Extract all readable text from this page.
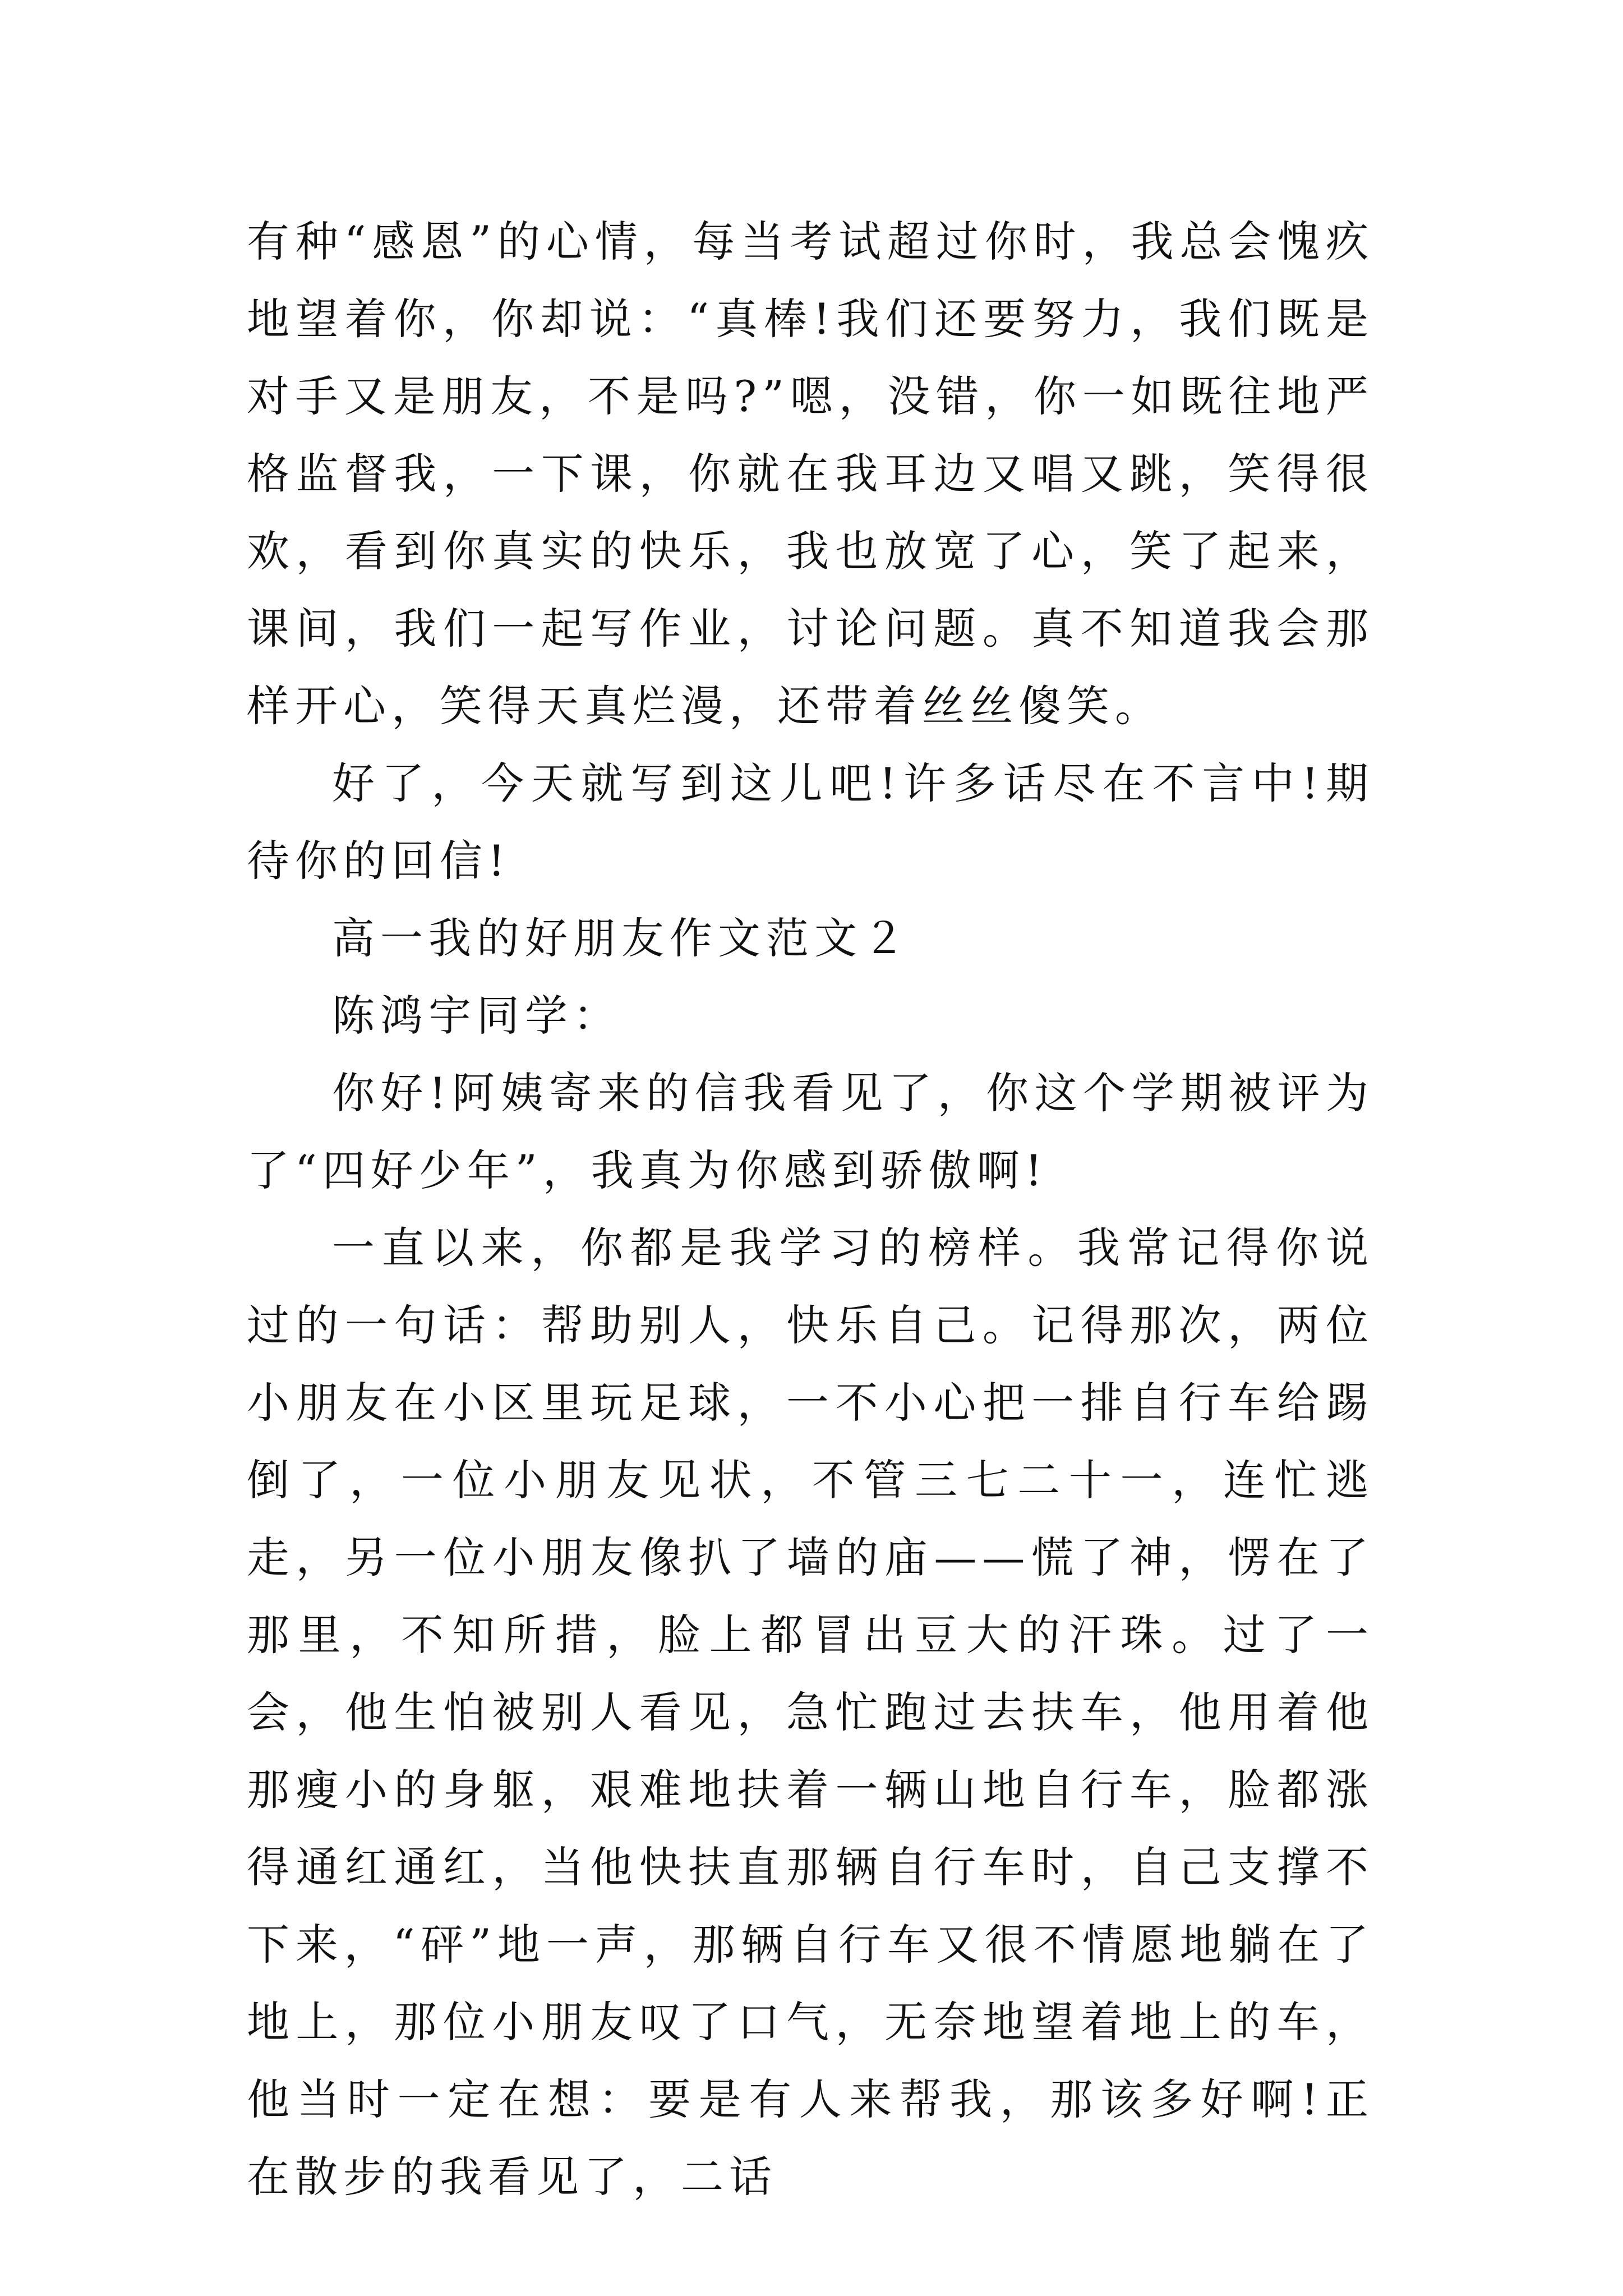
有种“感恩”的心情，每当考试超过你时，我总会愧疚地望着你，你却说：“真棒!我们还要努力，我们既是对手又是朋友，不是吗?”嗯，没错，你一如既往地严格监督我，一下课，你就在我耳边又唱又跳，笑得很欢，看到你真实的快乐，我也放宽了心，笑了起来，课间，我们一起写作业，讨论问题。真不知道我会那样开心，笑得天真烂漫，还带着丝丝傻笑。

好了，今天就写到这儿吧!许多话尽在不言中!期待你的回信!

高一我的好朋友作文范文２

陈鸿宇同学：

你好!阿姨寄来的信我看见了，你这个学期被评为了“四好少年”，我真为你感到骄傲啊!

一直以来，你都是我学习的榜样。我常记得你说过的一句话：帮助别人，快乐自己。记得那次，两位小朋友在小区里玩足球，一不小心把一排自行车给踢倒了，一位小朋友见状，不管三七二十一，连忙逃走，另一位小朋友像扒了墙的庙——慌了神，愣在了那里，不知所措，脸上都冒出豆大的汗珠。过了一会，他生怕被别人看见，急忙跑过去扶车，他用着他那瘦小的身躯，艰难地扶着一辆山地自行车，脸都涨得通红通红，当他快扶直那辆自行车时，自己支撑不下来，“砰”地一声，那辆自行车又很不情愿地躺在了地上，那位小朋友叹了口气，无奈地望着地上的车，他当时一定在想：要是有人来帮我，那该多好啊!正在散步的我看见了，二话
